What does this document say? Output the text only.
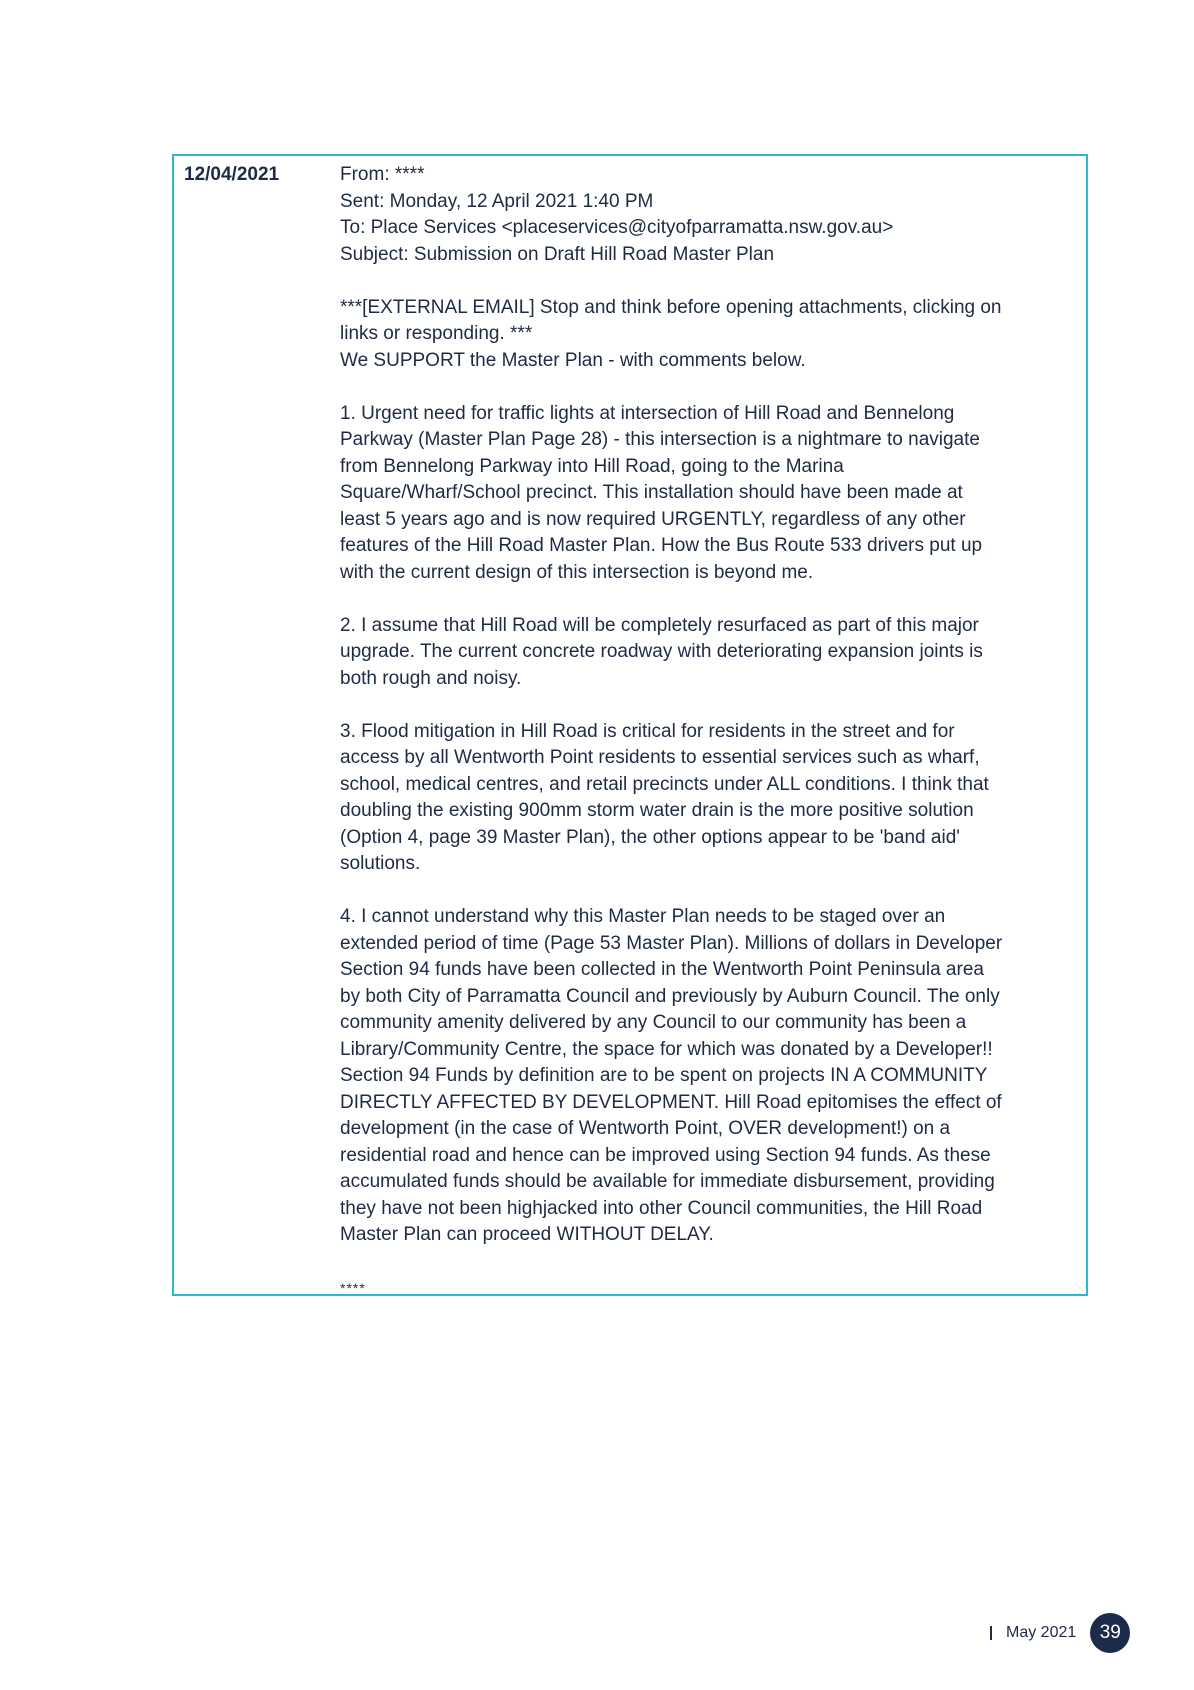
12/04/2021	From: ****
Sent: Monday, 12 April 2021 1:40 PM
To: Place Services <placeservices@cityofparramatta.nsw.gov.au>
Subject: Submission on Draft Hill Road Master Plan
***[EXTERNAL EMAIL] Stop and think before opening attachments, clicking on
links or responding. ***
We SUPPORT the Master Plan - with comments below.
1. Urgent need for traffic lights at intersection of Hill Road and Bennelong
Parkway (Master Plan Page 28) - this intersection is a nightmare to navigate
from Bennelong Parkway into Hill Road, going to the Marina
Square/Wharf/School precinct. This installation should have been made at
least 5 years ago and is now required URGENTLY, regardless of any other
features of the Hill Road Master Plan. How the Bus Route 533 drivers put up
with the current design of this intersection is beyond me.
2. I assume that Hill Road will be completely resurfaced as part of this major
upgrade. The current concrete roadway with deteriorating expansion joints is
both rough and noisy.
3. Flood mitigation in Hill Road is critical for residents in the street and for
access by all Wentworth Point residents to essential services such as wharf,
school, medical centres, and retail precincts under ALL conditions. I think that
doubling the existing 900mm storm water drain is the more positive solution
(Option 4, page 39 Master Plan), the other options appear to be 'band aid'
solutions.
4. I cannot understand why this Master Plan needs to be staged over an
extended period of time (Page 53 Master Plan). Millions of dollars in Developer
Section 94 funds have been collected in the Wentworth Point Peninsula area
by both City of Parramatta Council and previously by Auburn Council. The only
community amenity delivered by any Council to our community has been a
Library/Community Centre, the space for which was donated by a Developer!!
Section 94 Funds by definition are to be spent on projects IN A COMMUNITY
DIRECTLY AFFECTED BY DEVELOPMENT. Hill Road epitomises the effect of
development (in the case of Wentworth Point, OVER development!) on a
residential road and hence can be improved using Section 94 funds. As these
accumulated funds should be available for immediate disbursement, providing
they have not been highjacked into other Council communities, the Hill Road
Master Plan can proceed WITHOUT DELAY.
****
May 2021	39
